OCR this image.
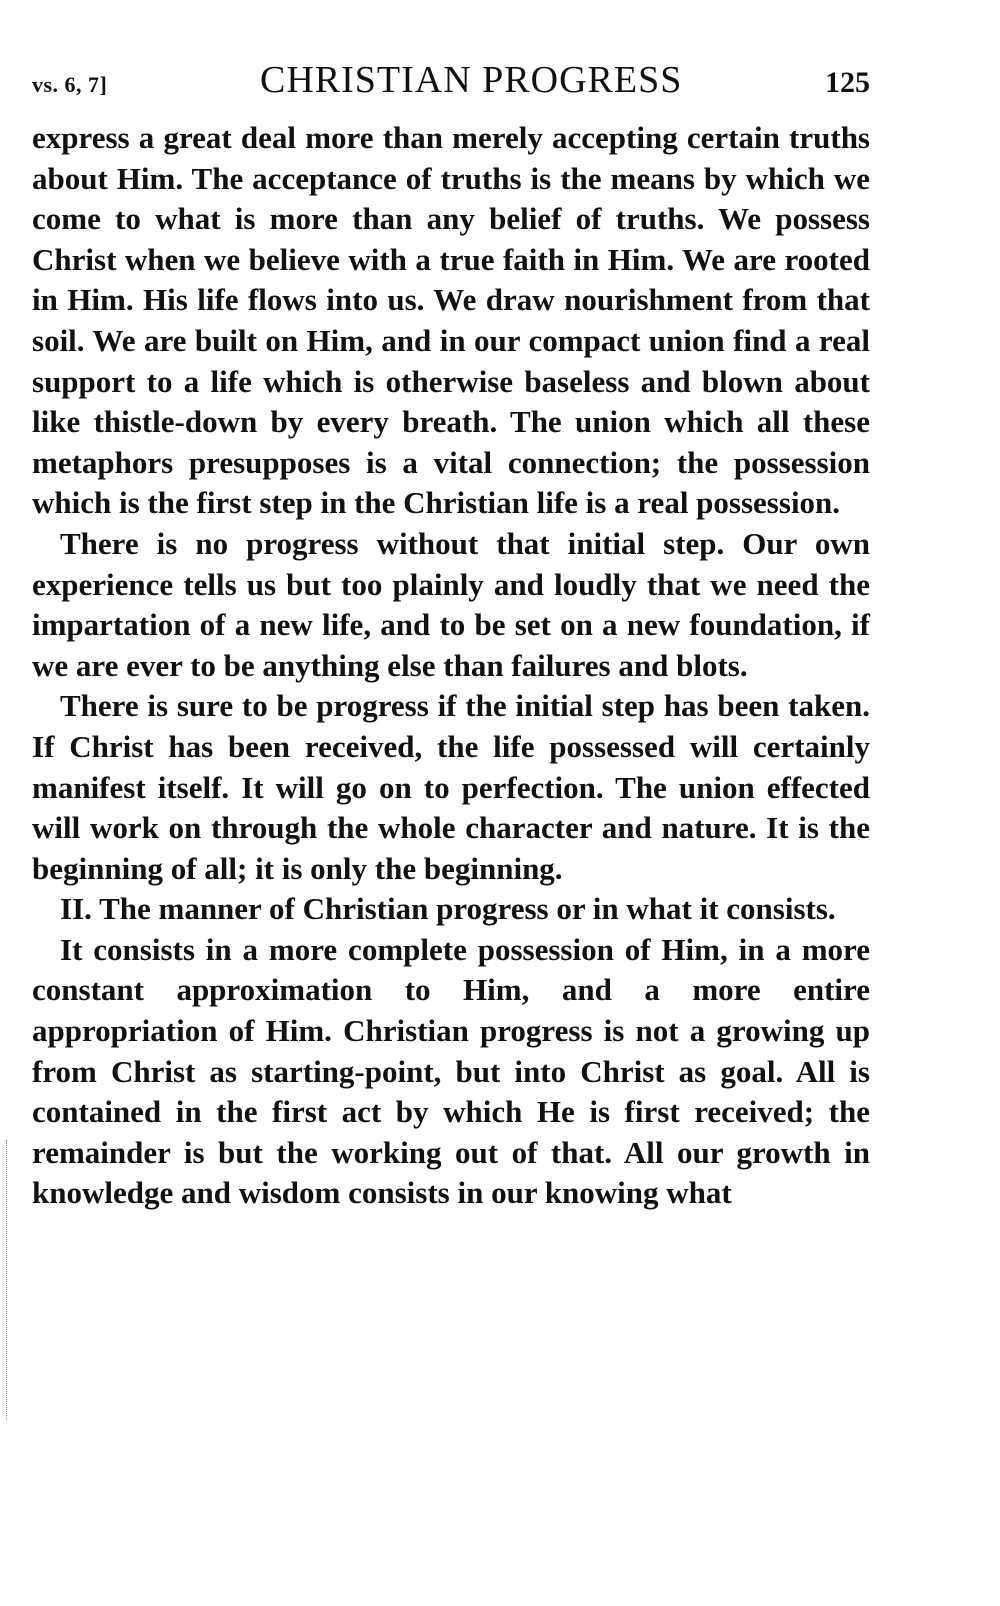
vs. 6, 7]	CHRISTIAN PROGRESS	125

express a great deal more than merely accepting certain truths about Him. The acceptance of truths is the means by which we come to what is more than any belief of truths. We possess Christ when we believe with a true faith in Him. We are rooted in Him. His life flows into us. We draw nourishment from that soil. We are built on Him, and in our compact union find a real support to a life which is otherwise baseless and blown about like thistle-down by every breath. The union which all these metaphors presupposes is a vital connection; the possession which is the first step in the Christian life is a real possession.

There is no progress without that initial step. Our own experience tells us but too plainly and loudly that we need the impartation of a new life, and to be set on a new foundation, if we are ever to be anything else than failures and blots.

There is sure to be progress if the initial step has been taken. If Christ has been received, the life possessed will certainly manifest itself. It will go on to perfection. The union effected will work on through the whole character and nature. It is the beginning of all; it is only the beginning.

II. The manner of Christian progress or in what it consists.

It consists in a more complete possession of Him, in a more constant approximation to Him, and a more entire appropriation of Him. Christian progress is not a growing up from Christ as starting-point, but into Christ as goal. All is contained in the first act by which He is first received; the remainder is but the working out of that. All our growth in knowledge and wisdom consists in our knowing what
